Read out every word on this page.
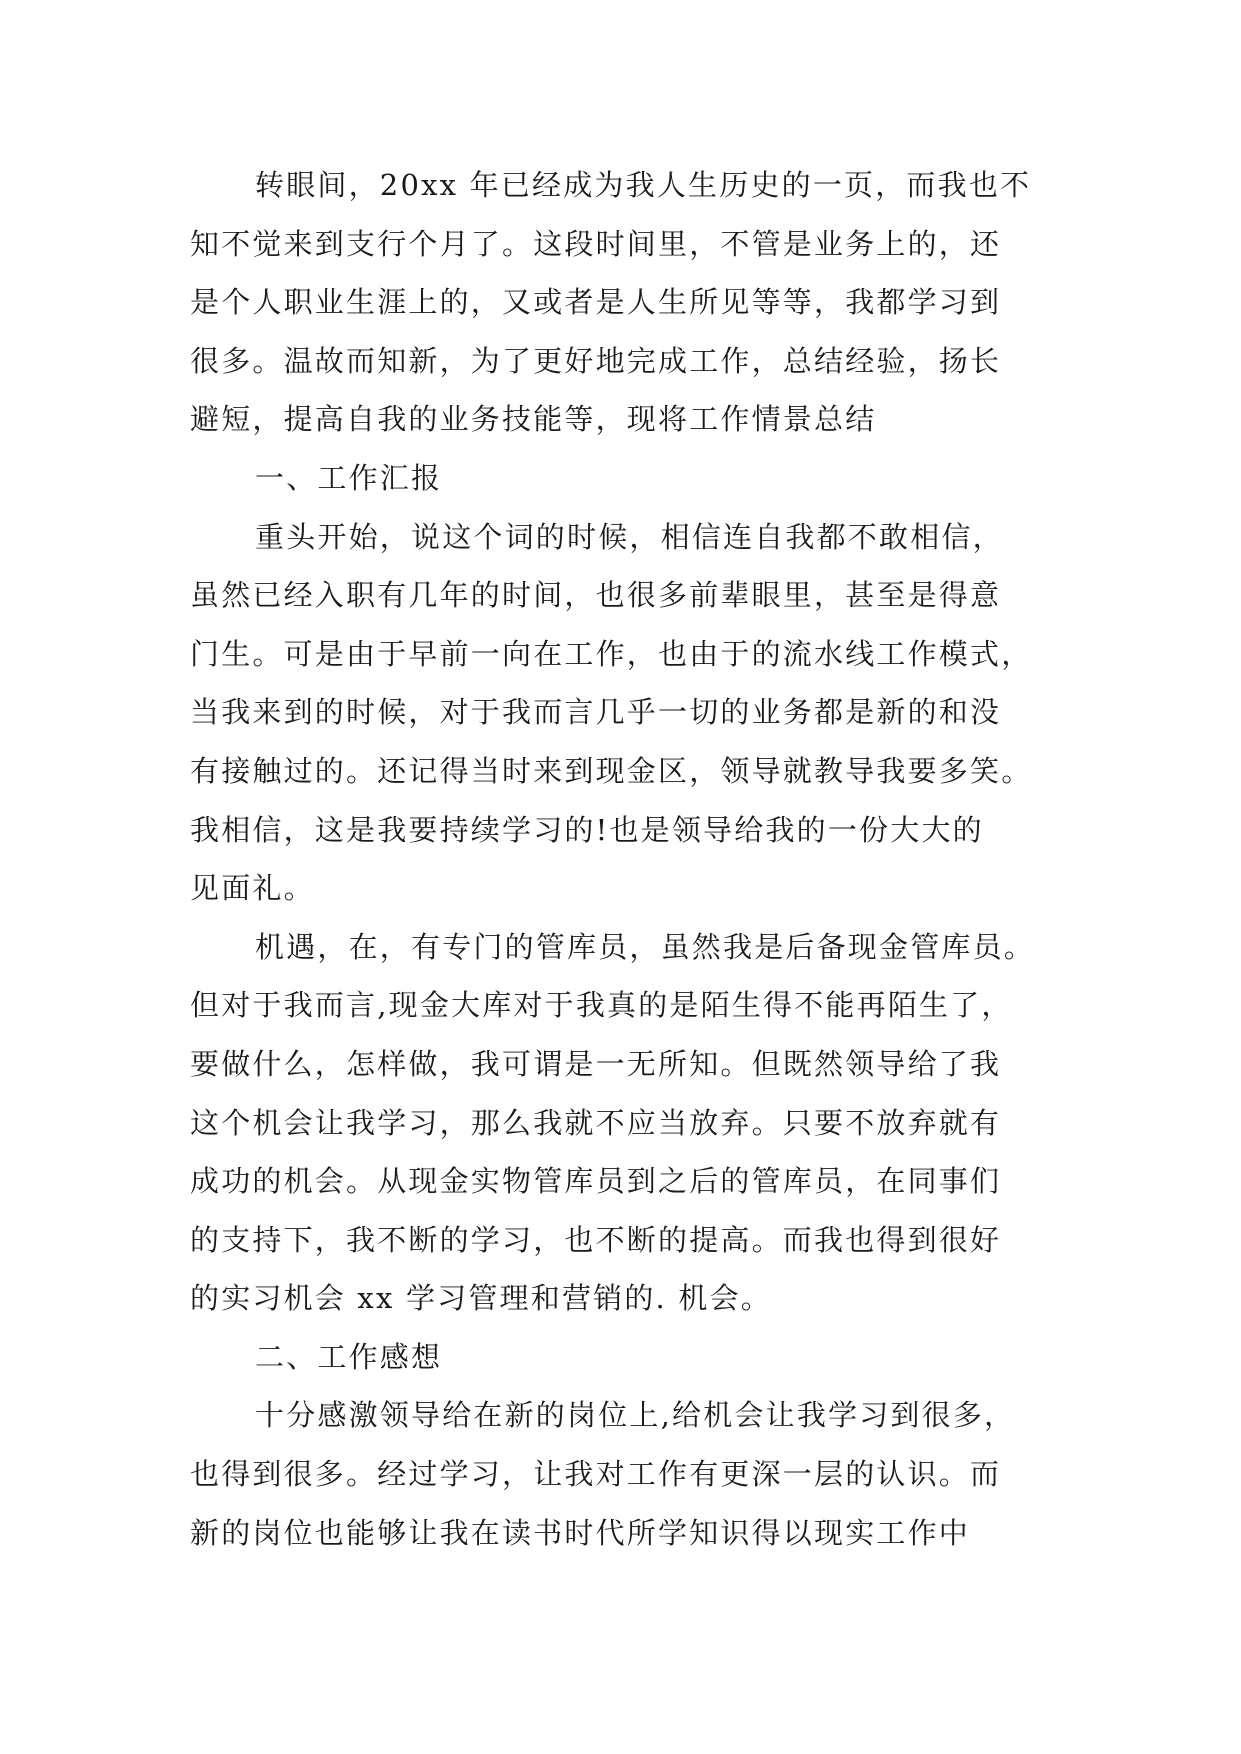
转眼间，20xx 年已经成为我人生历史的一页，而我也不
知不觉来到支行个月了。这段时间里，不管是业务上的，还
是个人职业生涯上的，又或者是人生所见等等，我都学习到
很多。温故而知新，为了更好地完成工作，总结经验，扬长
避短，提高自我的业务技能等，现将工作情景总结
一、工作汇报
重头开始，说这个词的时候，相信连自我都不敢相信，
虽然已经入职有几年的时间，也很多前辈眼里，甚至是得意
门生。可是由于早前一向在工作，也由于的流水线工作模式，
当我来到的时候，对于我而言几乎一切的业务都是新的和没
有接触过的。还记得当时来到现金区，领导就教导我要多笑。
我相信，这是我要持续学习的!也是领导给我的一份大大的
见面礼。
机遇，在，有专门的管库员，虽然我是后备现金管库员。
但对于我而言,现金大库对于我真的是陌生得不能再陌生了，
要做什么，怎样做，我可谓是一无所知。但既然领导给了我
这个机会让我学习，那么我就不应当放弃。只要不放弃就有
成功的机会。从现金实物管库员到之后的管库员，在同事们
的支持下，我不断的学习，也不断的提高。而我也得到很好
的实习机会 xx 学习管理和营销的. 机会。
二、工作感想
十分感激领导给在新的岗位上,给机会让我学习到很多，
也得到很多。经过学习，让我对工作有更深一层的认识。而
新的岗位也能够让我在读书时代所学知识得以现实工作中
